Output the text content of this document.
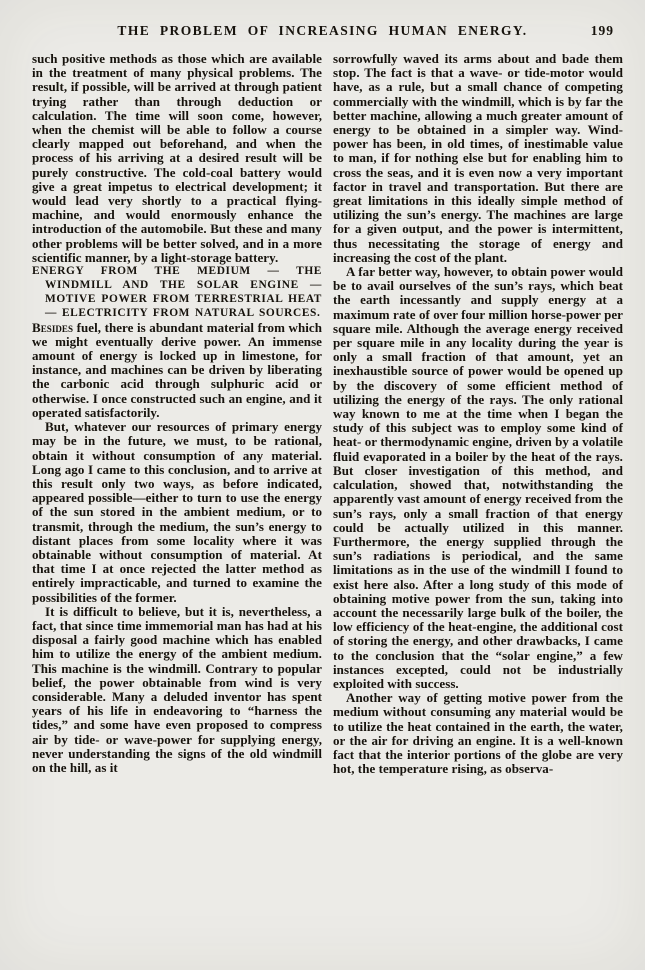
THE PROBLEM OF INCREASING HUMAN ENERGY.	199

such positive methods as those which are available in the treatment of many physical problems. The result, if possible, will be arrived at through patient trying rather than through deduction or calculation. The time will soon come, however, when the chemist will be able to follow a course clearly mapped out beforehand, and when the process of his arriving at a desired result will be purely constructive. The cold-coal battery would give a great impetus to electrical development; it would lead very shortly to a practical flying-machine, and would enormously enhance the introduction of the automobile. But these and many other problems will be better solved, and in a more scientific manner, by a light-storage battery.

ENERGY FROM THE MEDIUM — THE WINDMILL AND THE SOLAR ENGINE — MOTIVE POWER FROM TERRESTRIAL HEAT — ELECTRICITY FROM NATURAL SOURCES.

Besides fuel, there is abundant material from which we might eventually derive power. An immense amount of energy is locked up in limestone, for instance, and machines can be driven by liberating the carbonic acid through sulphuric acid or otherwise. I once constructed such an engine, and it operated satisfactorily.

But, whatever our resources of primary energy may be in the future, we must, to be rational, obtain it without consumption of any material. Long ago I came to this conclusion, and to arrive at this result only two ways, as before indicated, appeared possible—either to turn to use the energy of the sun stored in the ambient medium, or to transmit, through the medium, the sun’s energy to distant places from some locality where it was obtainable without consumption of material. At that time I at once rejected the latter method as entirely impracticable, and turned to examine the possibilities of the former.

It is difficult to believe, but it is, nevertheless, a fact, that since time immemorial man has had at his disposal a fairly good machine which has enabled him to utilize the energy of the ambient medium. This machine is the windmill. Contrary to popular belief, the power obtainable from wind is very considerable. Many a deluded inventor has spent years of his life in endeavoring to “harness the tides,” and some have even proposed to compress air by tide- or wave-power for supplying energy, never understanding the signs of the old windmill on the hill, as it

sorrowfully waved its arms about and bade them stop. The fact is that a wave- or tide-motor would have, as a rule, but a small chance of competing commercially with the windmill, which is by far the better machine, allowing a much greater amount of energy to be obtained in a simpler way. Wind-power has been, in old times, of inestimable value to man, if for nothing else but for enabling him to cross the seas, and it is even now a very important factor in travel and transportation. But there are great limitations in this ideally simple method of utilizing the sun’s energy. The machines are large for a given output, and the power is intermittent, thus necessitating the storage of energy and increasing the cost of the plant.

A far better way, however, to obtain power would be to avail ourselves of the sun’s rays, which beat the earth incessantly and supply energy at a maximum rate of over four million horse-power per square mile. Although the average energy received per square mile in any locality during the year is only a small fraction of that amount, yet an inexhaustible source of power would be opened up by the discovery of some efficient method of utilizing the energy of the rays. The only rational way known to me at the time when I began the study of this subject was to employ some kind of heat- or thermodynamic engine, driven by a volatile fluid evaporated in a boiler by the heat of the rays. But closer investigation of this method, and calculation, showed that, notwithstanding the apparently vast amount of energy received from the sun’s rays, only a small fraction of that energy could be actually utilized in this manner. Furthermore, the energy supplied through the sun’s radiations is periodical, and the same limitations as in the use of the windmill I found to exist here also. After a long study of this mode of obtaining motive power from the sun, taking into account the necessarily large bulk of the boiler, the low efficiency of the heat-engine, the additional cost of storing the energy, and other drawbacks, I came to the conclusion that the “solar engine,” a few instances excepted, could not be industrially exploited with success.

Another way of getting motive power from the medium without consuming any material would be to utilize the heat contained in the earth, the water, or the air for driving an engine. It is a well-known fact that the interior portions of the globe are very hot, the temperature rising, as observa-
